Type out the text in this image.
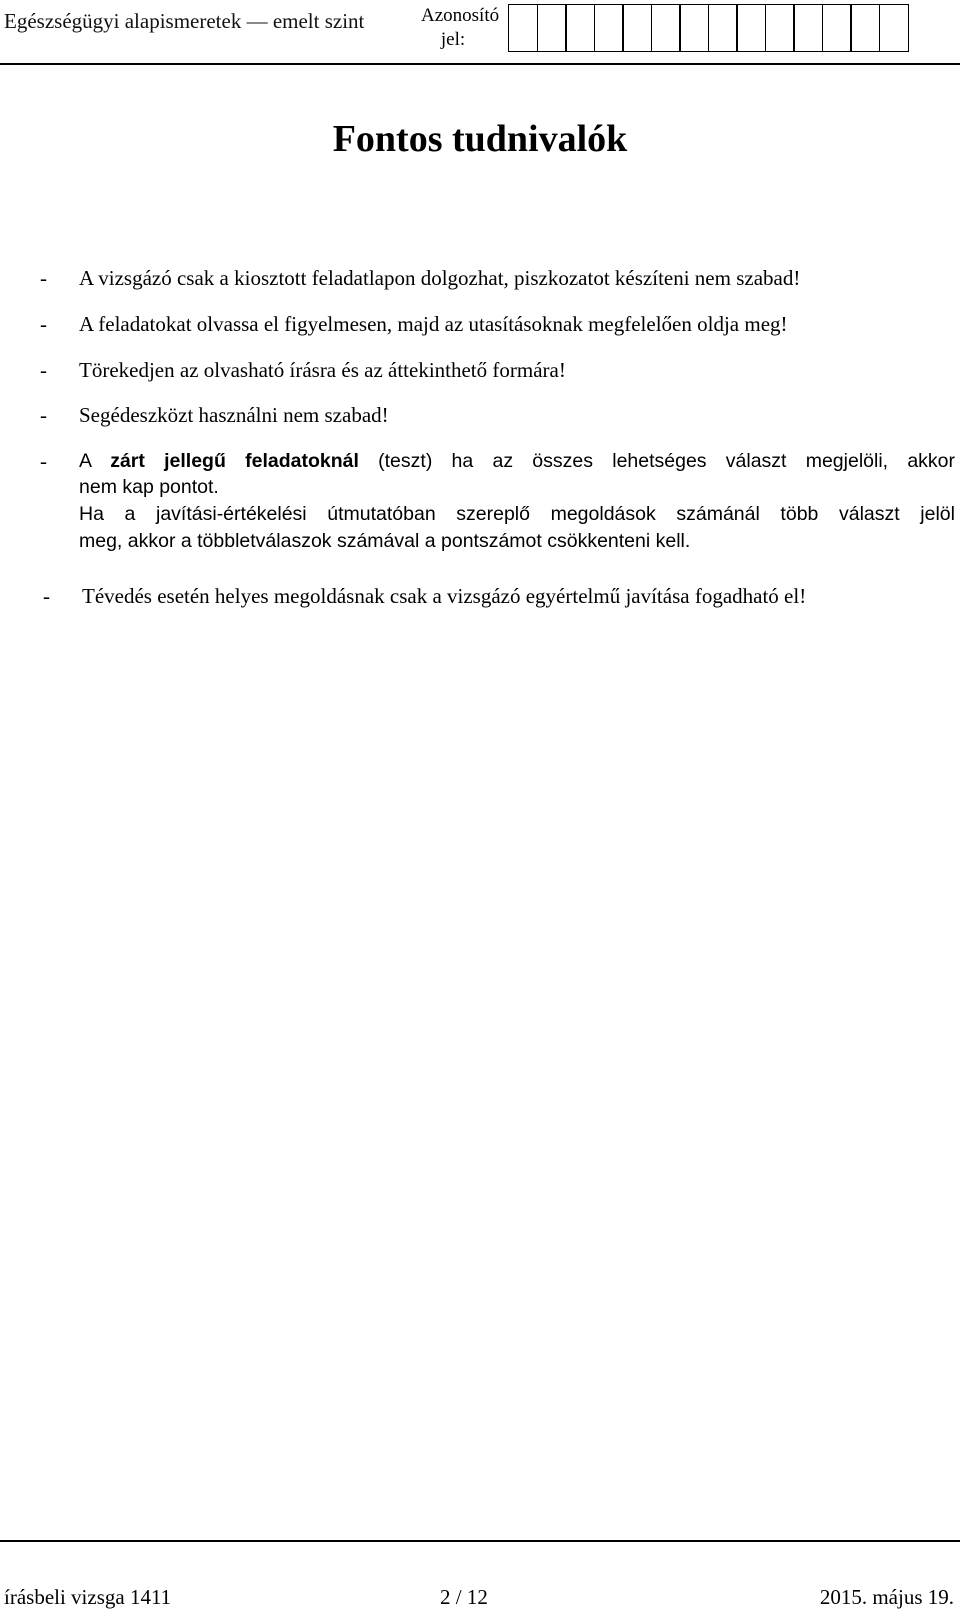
Egészségügyi alapismeretek — emelt szint	Azonosító
jel:
Fontos tudnivalók
- A vizsgázó csak a kiosztott feladatlapon dolgozhat, piszkozatot készíteni nem szabad!
- A feladatokat olvassa el figyelmesen, majd az utasításoknak megfelelően oldja meg!
- Törekedjen az olvasható írásra és az áttekinthető formára!
- Segédeszközt használni nem szabad!
- A zárt jellegű feladatoknál (teszt) ha az összes lehetséges választ megjelöli, akkor
nem kap pontot.
Ha a javítási-értékelési útmutatóban szereplő megoldások számánál több választ jelöl
meg, akkor a többletválaszok számával a pontszámot csökkenteni kell.
- Tévedés esetén helyes megoldásnak csak a vizsgázó egyértelmű javítása fogadható el!
írásbeli vizsga 1411	2 / 12	2015. május 19.
